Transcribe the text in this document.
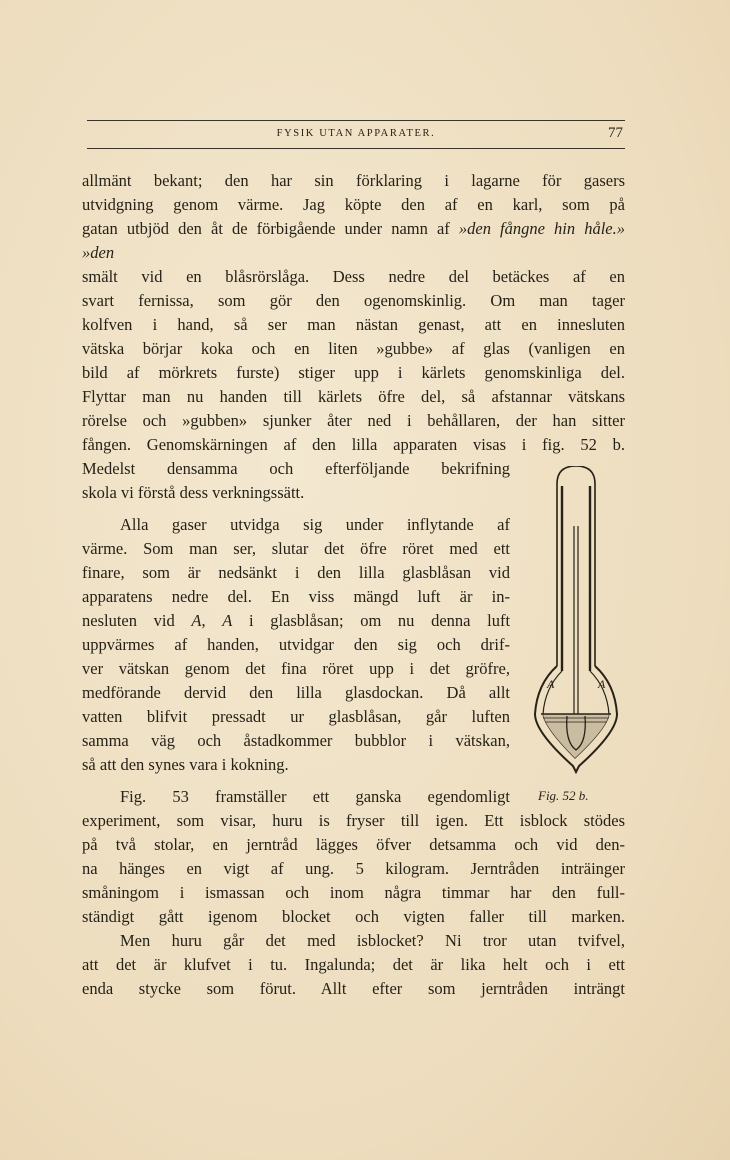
FYSIK UTAN APPARATER.	77
allmänt bekant; den har sin förklaring i lagarne för gasers
utvidgning genom värme. Jag köpte den af en karl, som på
gatan utbjöd den åt de förbigående under namn af »den fångne hin håle.»
»den
smält vid en blåsrörslåga. Dess nedre del betäckes af en
svart fernissa, som gör den ogenomskinlig. Om man tager
kolfven i hand, så ser man nästan genast, att en innesluten
vätska börjar koka och en liten »gubbe» af glas (vanligen en
bild af mörkrets furste) stiger upp i kärlets genomskinliga del.
Flyttar man nu handen till kärlets öfre del, så afstannar vätskans
rörelse och »gubben» sjunker åter ned i behållaren, der han sitter
fången. Genomskärningen af den lilla apparaten visas i fig. 52 b.
Medelst densamma och efterföljande bekrifning
skola vi förstå dess verkningssätt.
Alla gaser utvidga sig under inflytande af
värme. Som man ser, slutar det öfre röret med ett
finare, som är nedsänkt i den lilla glasblåsan vid
apparatens nedre del. En viss mängd luft är in-
nesluten vid A, A i glasblåsan; om nu denna luft
uppvärmes af handen, utvidgar den sig och drif-
ver vätskan genom det fina röret upp i det gröfre,
medförande dervid den lilla glasdockan. Då allt
vatten blifvit pressadt ur glasblåsan, går luften
samma väg och åstadkommer bubblor i vätskan,
så att den synes vara i kokning.
Fig. 53 framställer ett ganska egendomligt
experiment, som visar, huru is fryser till igen. Ett isblock stödes
på två stolar, en jerntråd lägges öfver detsamma och vid den-
na hänges en vigt af ung. 5 kilogram. Jerntråden inträinger
småningom i ismassan och inom några timmar har den full-
ständigt gått igenom blocket och vigten faller till marken.
Men huru går det med isblocket? Ni tror utan tvifvel,
att det är klufvet i tu. Ingalunda; det är lika helt och i ett
enda stycke som förut. Allt efter som jerntråden inträngt
A	A
Fig. 52 b.
